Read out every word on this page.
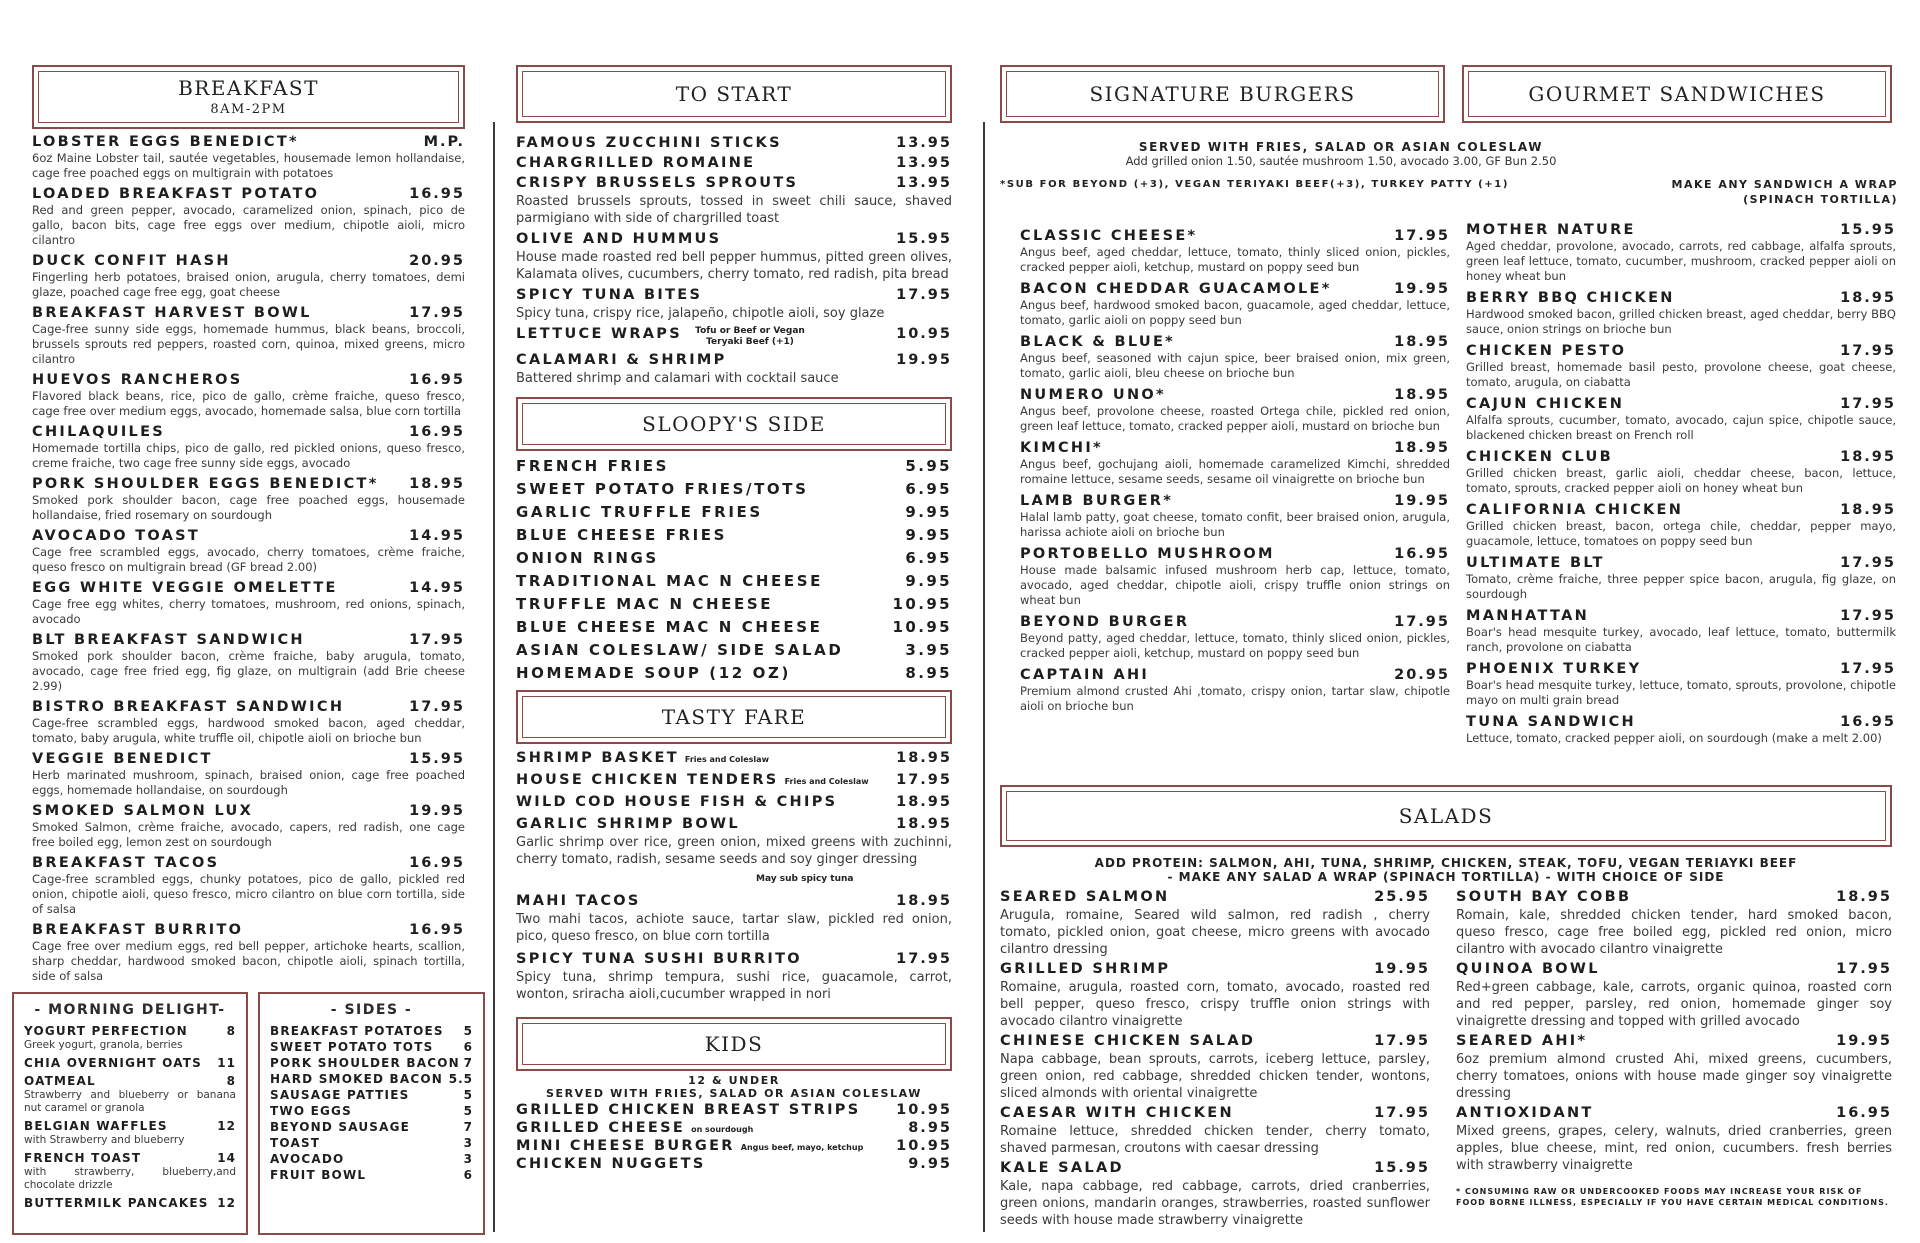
BREAKFAST
8AM-2PM
LOBSTER EGGS BENEDICT*	M.P.
6oz Maine Lobster tail, sautée vegetables, housemade lemon hollandaise, cage free poached eggs on multigrain with potatoes
LOADED BREAKFAST POTATO	16.95
Red and green pepper, avocado, caramelized onion, spinach, pico de gallo, bacon bits, cage free eggs over medium, chipotle aioli, micro cilantro
DUCK CONFIT HASH	20.95
Fingerling herb potatoes, braised onion, arugula, cherry tomatoes, demi glaze, poached cage free egg, goat cheese
BREAKFAST HARVEST BOWL	17.95
Cage-free sunny side eggs, homemade hummus, black beans, broccoli, brussels sprouts red peppers, roasted corn, quinoa, mixed greens, micro cilantro
HUEVOS RANCHEROS	16.95
Flavored black beans, rice, pico de gallo, crème fraiche, queso fresco, cage free over medium eggs, avocado, homemade salsa, blue corn tortilla
CHILAQUILES	16.95
Homemade tortilla chips, pico de gallo, red pickled onions, queso fresco, creme fraiche, two cage free sunny side eggs, avocado
PORK SHOULDER EGGS BENEDICT* 18.95
Smoked pork shoulder bacon, cage free poached eggs, housemade hollandaise, fried rosemary on sourdough
AVOCADO TOAST	14.95
Cage free scrambled eggs, avocado, cherry tomatoes, crème fraiche, queso fresco on multigrain bread (GF bread 2.00)
EGG WHITE VEGGIE OMELETTE	14.95
Cage free egg whites, cherry tomatoes, mushroom, red onions, spinach, avocado
BLT BREAKFAST SANDWICH	17.95
Smoked pork shoulder bacon, crème fraiche, baby arugula, tomato, avocado, cage free fried egg, fig glaze, on multigrain (add Brie cheese 2.99)
BISTRO BREAKFAST SANDWICH	17.95
Cage-free scrambled eggs, hardwood smoked bacon, aged cheddar, tomato, baby arugula, white truffle oil, chipotle aioli on brioche bun
VEGGIE BENEDICT	15.95
Herb marinated mushroom, spinach, braised onion, cage free poached eggs, homemade hollandaise, on sourdough
SMOKED SALMON LUX	19.95
Smoked Salmon, crème fraiche, avocado, capers, red radish, one cage free boiled egg, lemon zest on sourdough
BREAKFAST TACOS	16.95
Cage-free scrambled eggs, chunky potatoes, pico de gallo, pickled red onion, chipotle aioli, queso fresco, micro cilantro on blue corn tortilla, side of salsa
BREAKFAST BURRITO	16.95
Cage free over medium eggs, red bell pepper, artichoke hearts, scallion, sharp cheddar, hardwood smoked bacon, chipotle aioli, spinach tortilla, side of salsa
- MORNING DELIGHT-
YOGURT PERFECTION	8
Greek yogurt, granola, berries
CHIA OVERNIGHT OATS 11
OATMEAL	8
Strawberry and blueberry or banana nut caramel or granola
BELGIAN WAFFLES	12
with Strawberry and blueberry
FRENCH TOAST	14
with strawberry, blueberry,and chocolate drizzle
BUTTERMILK PANCAKES 12
- SIDES -
BREAKFAST POTATOES 5
SWEET POTATO TOTS	6
PORK SHOULDER BACON 7
HARD SMOKED BACON 5.5
SAUSAGE PATTIES	5
TWO EGGS	5
BEYOND SAUSAGE	7
TOAST	3
AVOCADO	3
FRUIT BOWL	6
TO START
FAMOUS ZUCCHINI STICKS	13.95
CHARGRILLED ROMAINE	13.95
CRISPY BRUSSELS SPROUTS	13.95
Roasted brussels sprouts, tossed in sweet chili sauce, shaved parmigiano with side of chargrilled toast
OLIVE AND HUMMUS	15.95
House made roasted red bell pepper hummus, pitted green olives, Kalamata olives, cucumbers, cherry tomato, red radish, pita bread
SPICY TUNA BITES	17.95
Spicy tuna, crispy rice, jalapeño, chipotle aioli, soy glaze
LETTUCE WRAPS	Tofu or Beef or Vegan Teryaki Beef (+1)	10.95
CALAMARI & SHRIMP	19.95
Battered shrimp and calamari with cocktail sauce
SLOOPY'S SIDE
FRENCH FRIES	5.95
SWEET POTATO FRIES/TOTS	6.95
GARLIC TRUFFLE FRIES	9.95
BLUE CHEESE FRIES	9.95
ONION RINGS	6.95
TRADITIONAL MAC N CHEESE	9.95
TRUFFLE MAC N CHEESE	10.95
BLUE CHEESE MAC N CHEESE	10.95
ASIAN COLESLAW/ SIDE SALAD	3.95
HOMEMADE SOUP (12 OZ)	8.95
TASTY FARE
SHRIMP BASKET Fries and Coleslaw	18.95
HOUSE CHICKEN TENDERS Fries and Coleslaw 17.95
WILD COD HOUSE FISH & CHIPS	18.95
GARLIC SHRIMP BOWL	18.95
Garlic shrimp over rice, green onion, mixed greens with zuchinni, cherry tomato, radish, sesame seeds and soy ginger dressing
May sub spicy tuna
MAHI TACOS	18.95
Two mahi tacos, achiote sauce, tartar slaw, pickled red onion, pico, queso fresco, on blue corn tortilla
SPICY TUNA SUSHI BURRITO	17.95
Spicy tuna, shrimp tempura, sushi rice, guacamole, carrot, wonton, sriracha aioli,cucumber wrapped in nori
KIDS
12 & UNDER
SERVED WITH FRIES, SALAD OR ASIAN COLESLAW
GRILLED CHICKEN BREAST STRIPS 10.95
GRILLED CHEESE on sourdough	8.95
MINI CHEESE BURGER Angus beef, mayo, ketchup 10.95
CHICKEN NUGGETS	9.95
SIGNATURE BURGERS
SERVED WITH FRIES, SALAD OR ASIAN COLESLAW
Add grilled onion 1.50, sautée mushroom 1.50, avocado 3.00, GF Bun 2.50
*SUB FOR BEYOND (+3), VEGAN TERIYAKI BEEF(+3), TURKEY PATTY (+1)	MAKE ANY SANDWICH A WRAP (SPINACH TORTILLA)
CLASSIC CHEESE*	17.95
Angus beef, aged cheddar, lettuce, tomato, thinly sliced onion, pickles, cracked pepper aioli, ketchup, mustard on poppy seed bun
BACON CHEDDAR GUACAMOLE*	19.95
Angus beef, hardwood smoked bacon, guacamole, aged cheddar, lettuce, tomato, garlic aioli on poppy seed bun
BLACK & BLUE*	18.95
Angus beef, seasoned with cajun spice, beer braised onion, mix green, tomato, garlic aioli, bleu cheese on brioche bun
NUMERO UNO*	18.95
Angus beef, provolone cheese, roasted Ortega chile, pickled red onion, green leaf lettuce, tomato, cracked pepper aioli, mustard on brioche bun
KIMCHI*	18.95
Angus beef, gochujang aioli, homemade caramelized Kimchi, shredded romaine lettuce, sesame seeds, sesame oil vinaigrette on brioche bun
LAMB BURGER*	19.95
Halal lamb patty, goat cheese, tomato confit, beer braised onion, arugula, harissa achiote aioli on brioche bun
PORTOBELLO MUSHROOM	16.95
House made balsamic infused mushroom herb cap, lettuce, tomato, avocado, aged cheddar, chipotle aioli, crispy truffle onion strings on wheat bun
BEYOND BURGER	17.95
Beyond patty, aged cheddar, lettuce, tomato, thinly sliced onion, pickles, cracked pepper aioli, ketchup, mustard on poppy seed bun
CAPTAIN AHI	20.95
Premium almond crusted Ahi ,tomato, crispy onion, tartar slaw, chipotle aioli on brioche bun
GOURMET SANDWICHES
MOTHER NATURE	15.95
Aged cheddar, provolone, avocado, carrots, red cabbage, alfalfa sprouts, green leaf lettuce, tomato, cucumber, mushroom, cracked pepper aioli on honey wheat bun
BERRY BBQ CHICKEN	18.95
Hardwood smoked bacon, grilled chicken breast, aged cheddar, berry BBQ sauce, onion strings on brioche bun
CHICKEN PESTO	17.95
Grilled breast, homemade basil pesto, provolone cheese, goat cheese, tomato, arugula, on ciabatta
CAJUN CHICKEN	17.95
Alfalfa sprouts, cucumber, tomato, avocado, cajun spice, chipotle sauce, blackened chicken breast on French roll
CHICKEN CLUB	18.95
Grilled chicken breast, garlic aioli, cheddar cheese, bacon, lettuce, tomato, sprouts, cracked pepper aioli on honey wheat bun
CALIFORNIA CHICKEN	18.95
Grilled chicken breast, bacon, ortega chile, cheddar, pepper mayo, guacamole, lettuce, tomatoes on poppy seed bun
ULTIMATE BLT	17.95
Tomato, crème fraiche, three pepper spice bacon, arugula, fig glaze, on sourdough
MANHATTAN	17.95
Boar's head mesquite turkey, avocado, leaf lettuce, tomato, buttermilk ranch, provolone on ciabatta
PHOENIX TURKEY	17.95
Boar's head mesquite turkey, lettuce, tomato, sprouts, provolone, chipotle mayo on multi grain bread
TUNA SANDWICH	16.95
Lettuce, tomato, cracked pepper aioli, on sourdough (make a melt 2.00)
SALADS
ADD PROTEIN: SALMON, AHI, TUNA, SHRIMP, CHICKEN, STEAK, TOFU, VEGAN TERIAYKI BEEF
- MAKE ANY SALAD A WRAP (SPINACH TORTILLA) - WITH CHOICE OF SIDE
SEARED SALMON	25.95
Arugula, romaine, Seared wild salmon, red radish , cherry tomato, pickled onion, goat cheese, micro greens with avocado cilantro dressing
GRILLED SHRIMP	19.95
Romaine, arugula, roasted corn, tomato, avocado, roasted red bell pepper, queso fresco, crispy truffle onion strings with avocado cilantro vinaigrette
CHINESE CHICKEN SALAD	17.95
Napa cabbage, bean sprouts, carrots, iceberg lettuce, parsley, green onion, red cabbage, shredded chicken tender, wontons, sliced almonds with oriental vinaigrette
CAESAR WITH CHICKEN	17.95
Romaine lettuce, shredded chicken tender, cherry tomato, shaved parmesan, croutons with caesar dressing
KALE SALAD	15.95
Kale, napa cabbage, red cabbage, carrots, dried cranberries, green onions, mandarin oranges, strawberries, roasted sunflower seeds with house made strawberry vinaigrette
SOUTH BAY COBB	18.95
Romain, kale, shredded chicken tender, hard smoked bacon, queso fresco, cage free boiled egg, pickled red onion, micro cilantro with avocado cilantro vinaigrette
QUINOA BOWL	17.95
Red+green cabbage, kale, carrots, organic quinoa, roasted corn and red pepper, parsley, red onion, homemade ginger soy vinaigrette dressing and topped with grilled avocado
SEARED AHI*	19.95
6oz premium almond crusted Ahi, mixed greens, cucumbers, cherry tomatoes, onions with house made ginger soy vinaigrette dressing
ANTIOXIDANT	16.95
Mixed greens, grapes, celery, walnuts, dried cranberries, green apples, blue cheese, mint, red onion, cucumbers. fresh berries with strawberry vinaigrette
* CONSUMING RAW OR UNDERCOOKED FOODS MAY INCREASE YOUR RISK OF FOOD BORNE ILLNESS, ESPECIALLY IF YOU HAVE CERTAIN MEDICAL CONDITIONS.
